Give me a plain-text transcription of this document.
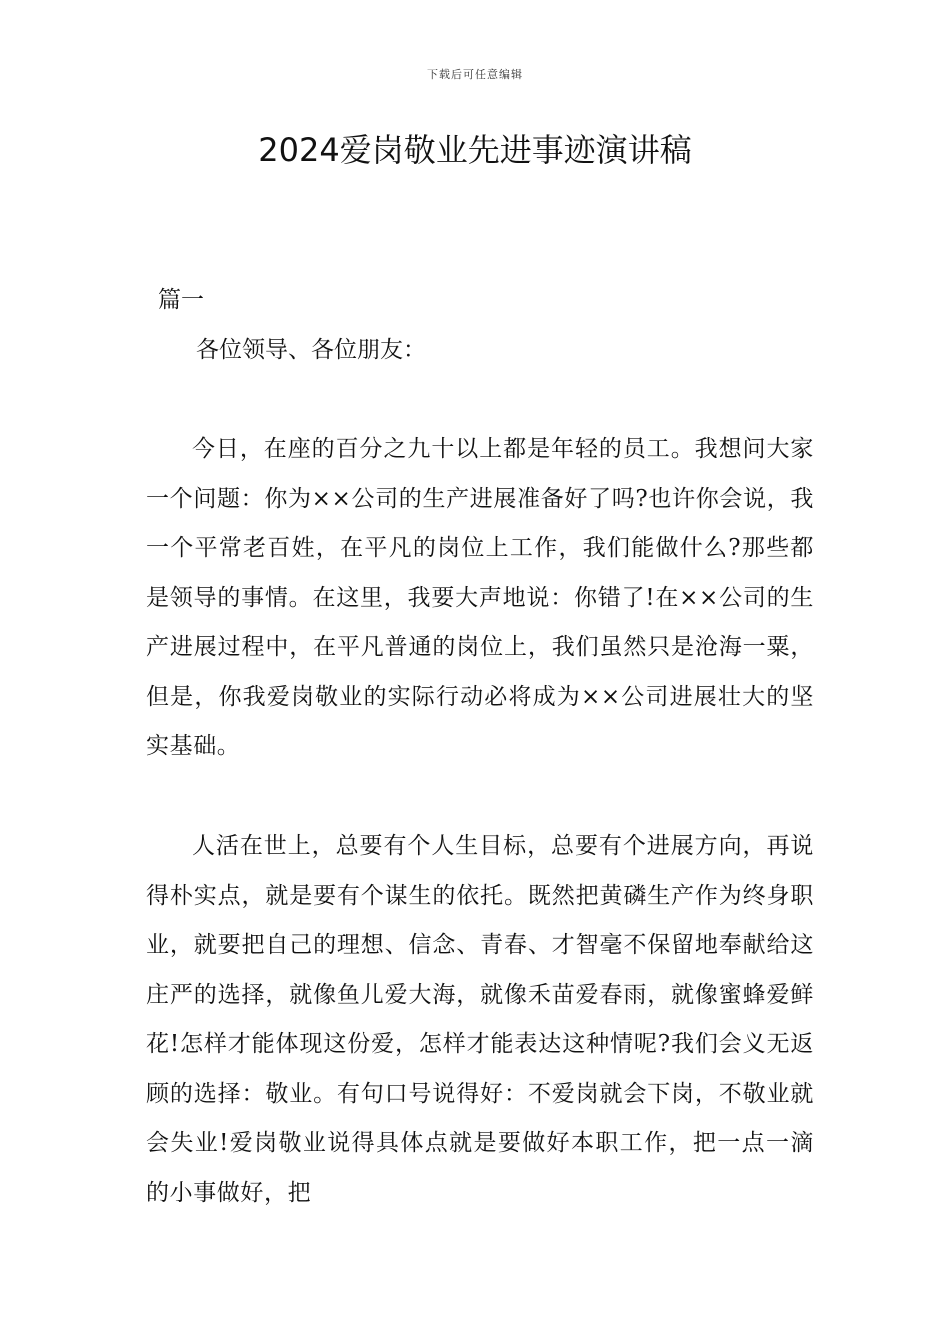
下载后可任意编辑
2024爱岗敬业先进事迹演讲稿

篇一

各位领导、各位朋友：

今日，在座的百分之九十以上都是年轻的员工。我想问大家一个问题：你为××公司的生产进展准备好了吗?也许你会说，我一个平常老百姓，在平凡的岗位上工作，我们能做什么?那些都是领导的事情。在这里，我要大声地说：你错了!在××公司的生产进展过程中，在平凡普通的岗位上，我们虽然只是沧海一粟，但是，你我爱岗敬业的实际行动必将成为××公司进展壮大的坚实基础。

人活在世上，总要有个人生目标，总要有个进展方向，再说得朴实点，就是要有个谋生的依托。既然把黄磷生产作为终身职业，就要把自己的理想、信念、青春、才智毫不保留地奉献给这庄严的选择，就像鱼儿爱大海，就像禾苗爱春雨，就像蜜蜂爱鲜花!怎样才能体现这份爱，怎样才能表达这种情呢?我们会义无返顾的选择：敬业。有句口号说得好：不爱岗就会下岗，不敬业就会失业!爱岗敬业说得具体点就是要做好本职工作，把一点一滴的小事做好，把
